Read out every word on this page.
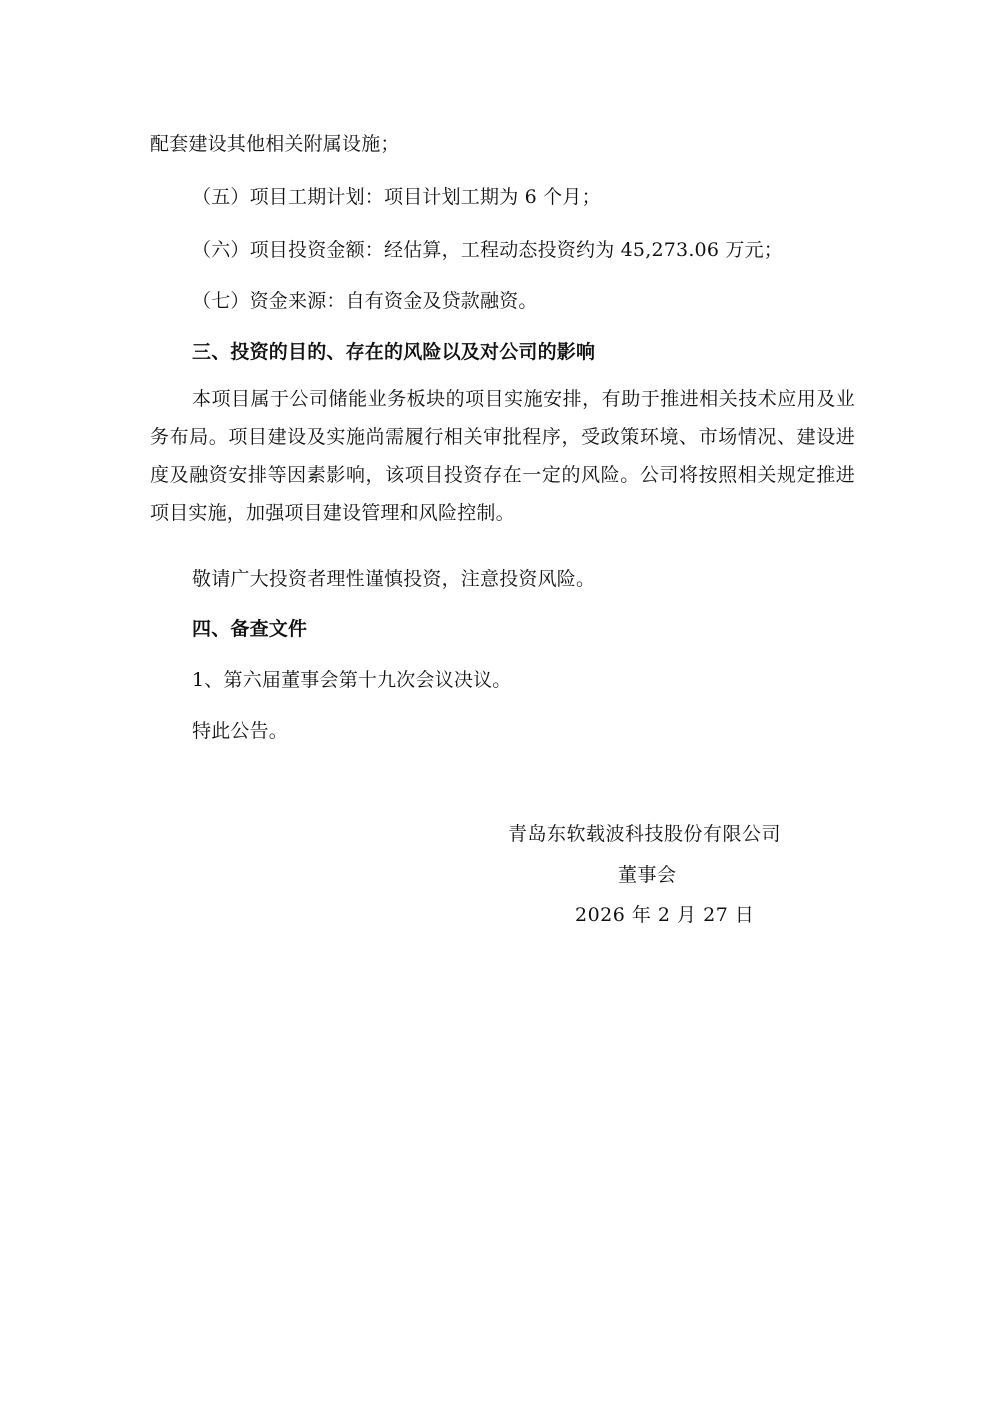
配套建设其他相关附属设施；
（五）项目工期计划：项目计划工期为 6 个月；
（六）项目投资金额：经估算，工程动态投资约为 45,273.06 万元；
（七）资金来源：自有资金及贷款融资。
三、投资的目的、存在的风险以及对公司的影响
本项目属于公司储能业务板块的项目实施安排，有助于推进相关技术应用及业务布局。项目建设及实施尚需履行相关审批程序，受政策环境、市场情况、建设进度及融资安排等因素影响，该项目投资存在一定的风险。公司将按照相关规定推进项目实施，加强项目建设管理和风险控制。
敬请广大投资者理性谨慎投资，注意投资风险。
四、备查文件
1、第六届董事会第十九次会议决议。
特此公告。
青岛东软载波科技股份有限公司
董事会
2026 年 2 月 27 日
